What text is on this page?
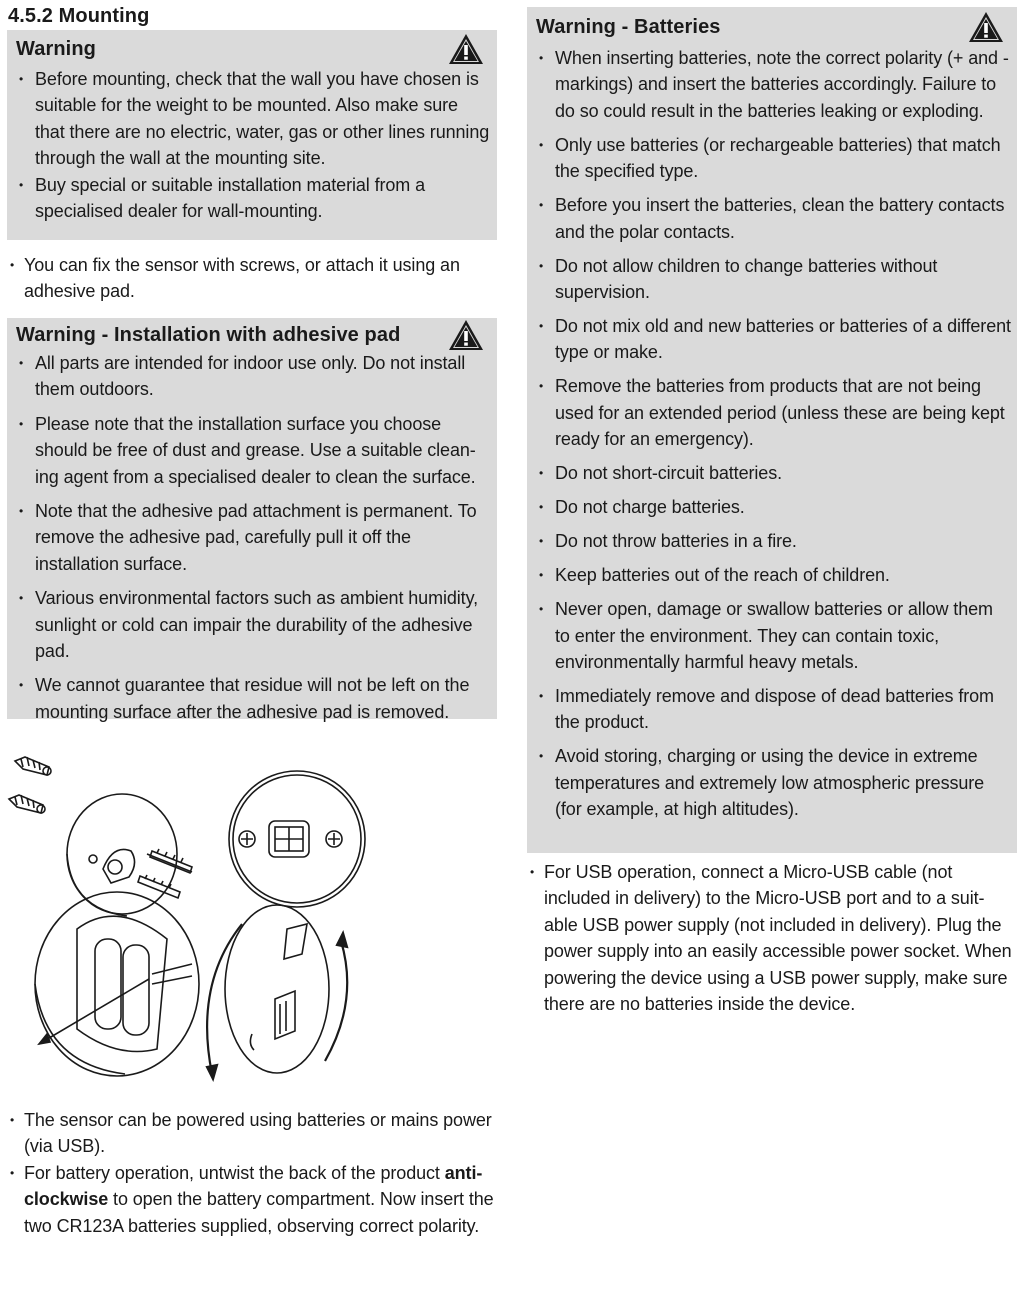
4.5.2 Mounting
Warning
• Before mounting, check that the wall you have chosen is suitable for the weight to be mounted. Also make sure that there are no electric, water, gas or other lines running through the wall at the mounting site.
• Buy special or suitable installation material from a specialised dealer for wall-mounting.
• You can fix the sensor with screws, or attach it using an adhesive pad.
Warning - Installation with adhesive pad
• All parts are intended for indoor use only. Do not install them outdoors.
• Please note that the installation surface you choose should be free of dust and grease. Use a suitable clean-ing agent from a specialised dealer to clean the surface.
• Note that the adhesive pad attachment is permanent. To remove the adhesive pad, carefully pull it off the installation surface.
• Various environmental factors such as ambient humidity, sunlight or cold can impair the durability of the adhesive pad.
• We cannot guarantee that residue will not be left on the mounting surface after the adhesive pad is removed.
• The sensor can be powered using batteries or mains power (via USB).
• For battery operation, untwist the back of the product anti-clockwise to open the battery compartment. Now insert the two CR123A batteries supplied, observing correct polarity.
Warning - Batteries
• When inserting batteries, note the correct polarity (+ and - markings) and insert the batteries accordingly. Failure to do so could result in the batteries leaking or exploding.
• Only use batteries (or rechargeable batteries) that match the specified type.
• Before you insert the batteries, clean the battery contacts and the polar contacts.
• Do not allow children to change batteries without supervision.
• Do not mix old and new batteries or batteries of a different type or make.
• Remove the batteries from products that are not being used for an extended period (unless these are being kept ready for an emergency).
• Do not short-circuit batteries.
• Do not charge batteries.
• Do not throw batteries in a fire.
• Keep batteries out of the reach of children.
• Never open, damage or swallow batteries or allow them to enter the environment. They can contain toxic, environmentally harmful heavy metals.
• Immediately remove and dispose of dead batteries from the product.
• Avoid storing, charging or using the device in extreme temperatures and extremely low atmospheric pressure (for example, at high altitudes).
• For USB operation, connect a Micro-USB cable (not included in delivery) to the Micro-USB port and to a suit-able USB power supply (not included in delivery). Plug the power supply into an easily accessible power socket. When powering the device using a USB power supply, make sure there are no batteries inside the device.
